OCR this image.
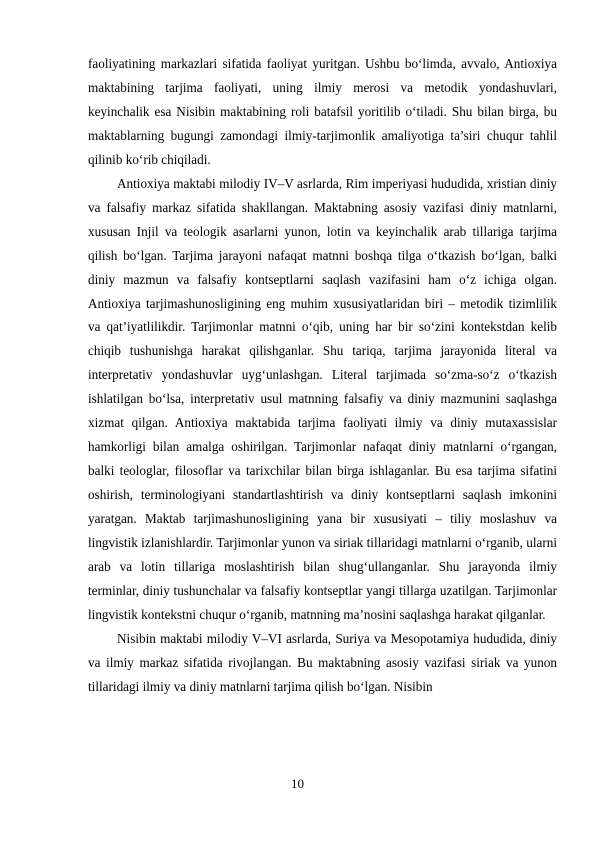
faoliyatining markazlari sifatida faoliyat yuritgan. Ushbu bo‘limda, avvalo, Antioxiya maktabining tarjima faoliyati, uning ilmiy merosi va metodik yondashuvlari, keyinchalik esa Nisibin maktabining roli batafsil yoritilib o‘tiladi. Shu bilan birga, bu maktablarning bugungi zamondagi ilmiy-tarjimonlik amaliyotiga ta’siri chuqur tahlil qilinib ko‘rib chiqiladi.

Antioxiya maktabi milodiy IV–V asrlarda, Rim imperiyasi hududida, xristian diniy va falsafiy markaz sifatida shakllangan. Maktabning asosiy vazifasi diniy matnlarni, xususan Injil va teologik asarlarni yunon, lotin va keyinchalik arab tillariga tarjima qilish bo‘lgan. Tarjima jarayoni nafaqat matnni boshqa tilga o‘tkazish bo‘lgan, balki diniy mazmun va falsafiy kontseptlarni saqlash vazifasini ham o‘z ichiga olgan. Antioxiya tarjimashunosligining eng muhim xususiyatlaridan biri – metodik tizimlilik va qat’iyatlilikdir. Tarjimonlar matnni o‘qib, uning har bir so‘zini kontekstdan kelib chiqib tushunishga harakat qilishganlar. Shu tariqa, tarjima jarayonida literal va interpretativ yondashuvlar uyg‘unlashgan. Literal tarjimada so‘zma-so‘z o‘tkazish ishlatilgan bo‘lsa, interpretativ usul matnning falsafiy va diniy mazmunini saqlashga xizmat qilgan. Antioxiya maktabida tarjima faoliyati ilmiy va diniy mutaxassislar hamkorligi bilan amalga oshirilgan. Tarjimonlar nafaqat diniy matnlarni o‘rgangan, balki teologlar, filosoflar va tarixchilar bilan birga ishlaganlar. Bu esa tarjima sifatini oshirish, terminologiyani standartlashtirish va diniy kontseptlarni saqlash imkonini yaratgan. Maktab tarjimashunosligining yana bir xususiyati – tiliy moslashuv va lingvistik izlanishlardir. Tarjimonlar yunon va siriak tillaridagi matnlarni o‘rganib, ularni arab va lotin tillariga moslashtirish bilan shug‘ullanganlar. Shu jarayonda ilmiy terminlar, diniy tushunchalar va falsafiy kontseptlar yangi tillarga uzatilgan. Tarjimonlar lingvistik kontekstni chuqur o‘rganib, matnning ma’nosini saqlashga harakat qilganlar.

Nisibin maktabi milodiy V–VI asrlarda, Suriya va Mesopotamiya hududida, diniy va ilmiy markaz sifatida rivojlangan. Bu maktabning asosiy vazifasi siriak va yunon tillaridagi ilmiy va diniy matnlarni tarjima qilish bo‘lgan. Nisibin

10
